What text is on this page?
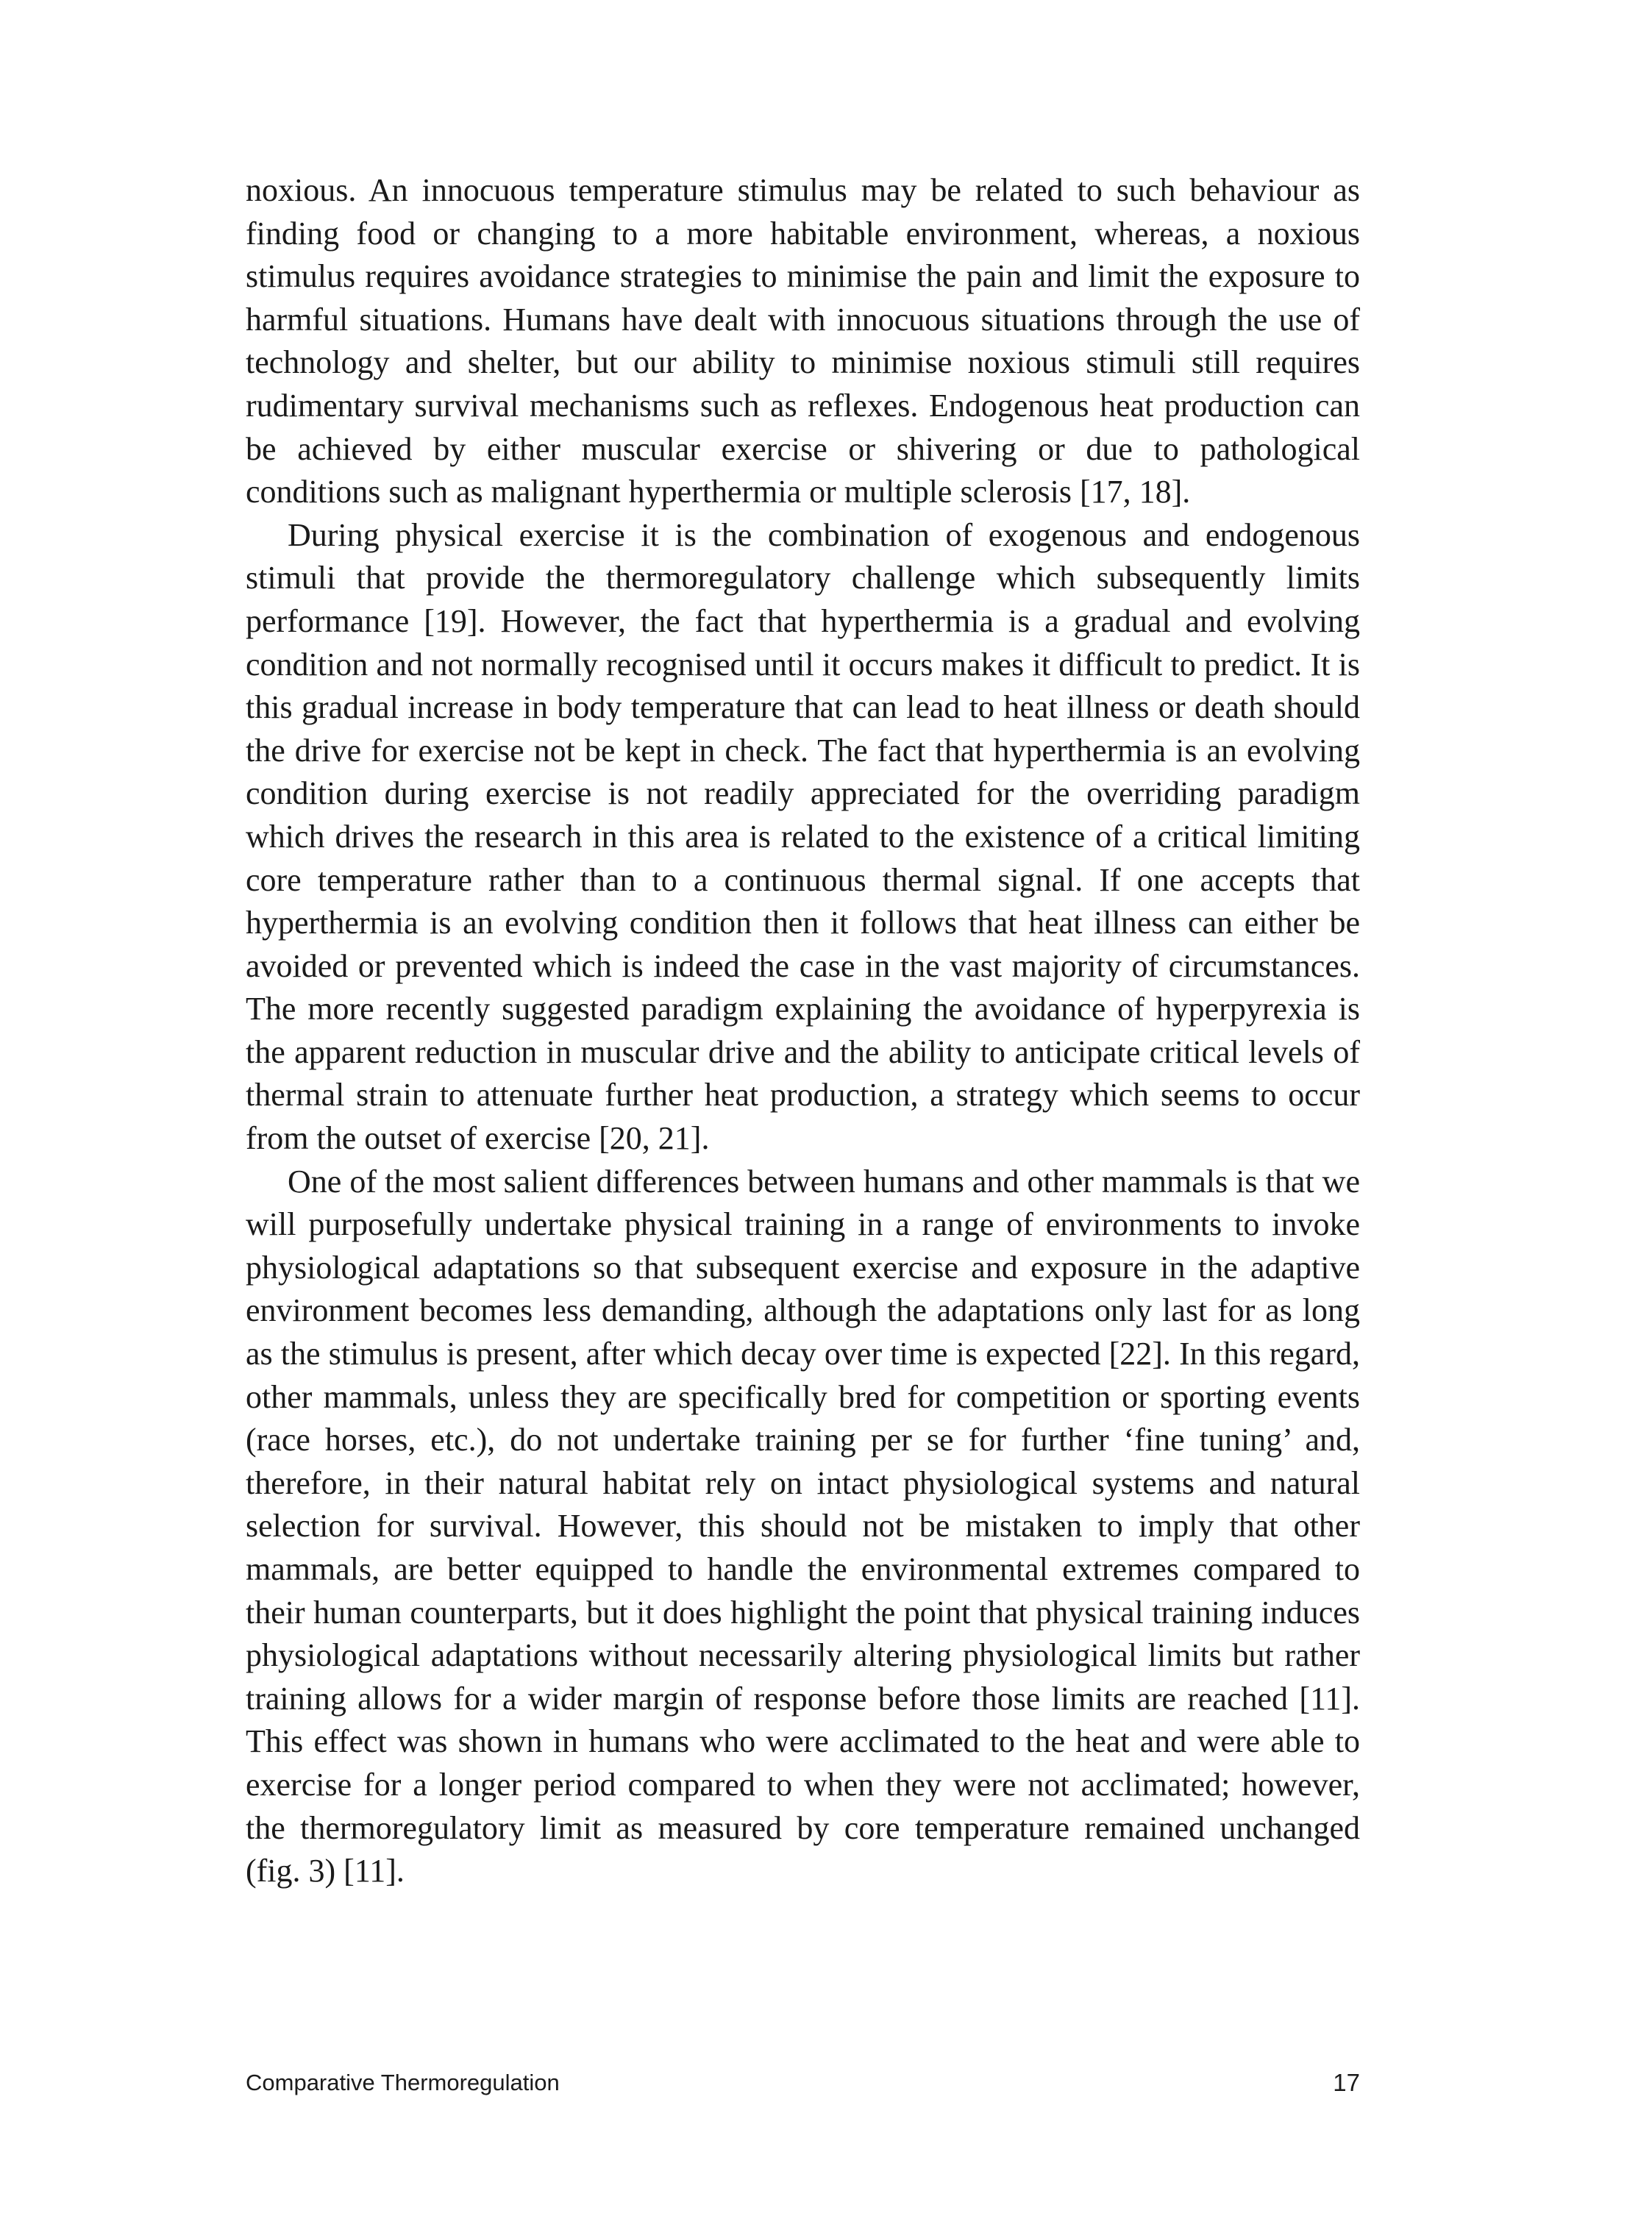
noxious. An innocuous temperature stimulus may be related to such behaviour as finding food or changing to a more habitable environment, whereas, a noxious stimulus requires avoidance strategies to minimise the pain and limit the exposure to harmful situations. Humans have dealt with innocuous situations through the use of technology and shelter, but our ability to minimise noxious stimuli still requires rudimentary survival mechanisms such as reflexes. Endogenous heat production can be achieved by either muscular exercise or shivering or due to pathological conditions such as malignant hyperthermia or multiple sclerosis [17, 18].

During physical exercise it is the combination of exogenous and endogenous stimuli that provide the thermoregulatory challenge which subsequently limits performance [19]. However, the fact that hyperthermia is a gradual and evolving condition and not normally recognised until it occurs makes it difficult to predict. It is this gradual increase in body temperature that can lead to heat illness or death should the drive for exercise not be kept in check. The fact that hyperthermia is an evolving condition during exercise is not readily appreciated for the overriding paradigm which drives the research in this area is related to the existence of a critical limiting core temperature rather than to a continuous thermal signal. If one accepts that hyperthermia is an evolving condition then it follows that heat illness can either be avoided or prevented which is indeed the case in the vast majority of circumstances. The more recently suggested paradigm explaining the avoidance of hyperpyrexia is the apparent reduction in muscular drive and the ability to anticipate critical levels of thermal strain to attenuate further heat production, a strategy which seems to occur from the outset of exercise [20, 21].

One of the most salient differences between humans and other mammals is that we will purposefully undertake physical training in a range of environments to invoke physiological adaptations so that subsequent exercise and exposure in the adaptive environment becomes less demanding, although the adaptations only last for as long as the stimulus is present, after which decay over time is expected [22]. In this regard, other mammals, unless they are specifically bred for competition or sporting events (race horses, etc.), do not undertake training per se for further ‘fine tuning’ and, therefore, in their natural habitat rely on intact physiological systems and natural selection for survival. However, this should not be mistaken to imply that other mammals, are better equipped to handle the environmental extremes compared to their human counterparts, but it does highlight the point that physical training induces physiological adaptations without necessarily altering physiological limits but rather training allows for a wider margin of response before those limits are reached [11]. This effect was shown in humans who were acclimated to the heat and were able to exercise for a longer period compared to when they were not acclimated; however, the thermoregulatory limit as measured by core temperature remained unchanged (fig. 3) [11].

Comparative Thermoregulation	17
